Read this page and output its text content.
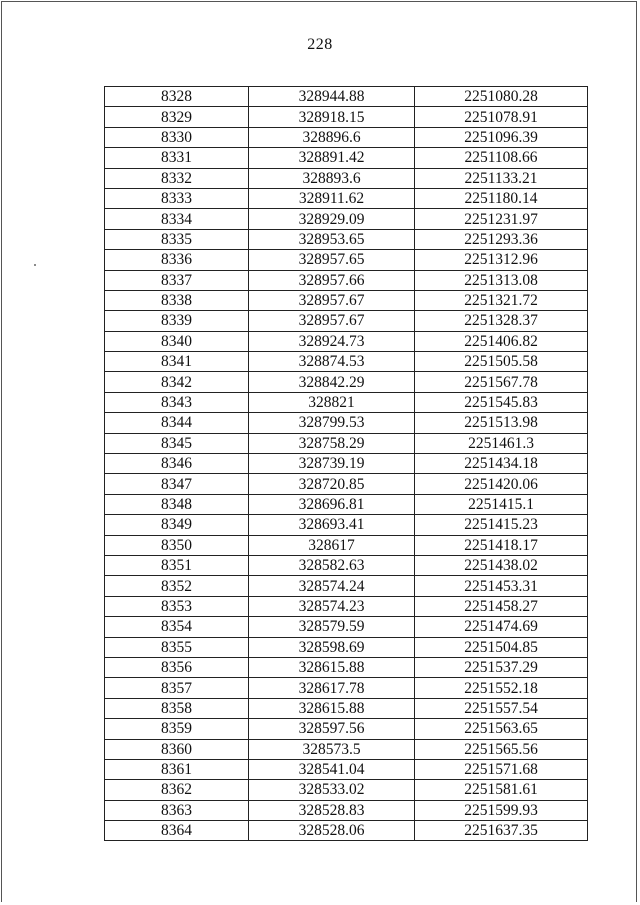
228
8328	328944.88	2251080.28
8329	328918.15	2251078.91
8330	328896.6	2251096.39
8331	328891.42	2251108.66
8332	328893.6	2251133.21
8333	328911.62	2251180.14
8334	328929.09	2251231.97
8335	328953.65	2251293.36
8336	328957.65	2251312.96
8337	328957.66	2251313.08
8338	328957.67	2251321.72
8339	328957.67	2251328.37
8340	328924.73	2251406.82
8341	328874.53	2251505.58
8342	328842.29	2251567.78
8343	328821	2251545.83
8344	328799.53	2251513.98
8345	328758.29	2251461.3
8346	328739.19	2251434.18
8347	328720.85	2251420.06
8348	328696.81	2251415.1
8349	328693.41	2251415.23
8350	328617	2251418.17
8351	328582.63	2251438.02
8352	328574.24	2251453.31
8353	328574.23	2251458.27
8354	328579.59	2251474.69
8355	328598.69	2251504.85
8356	328615.88	2251537.29
8357	328617.78	2251552.18
8358	328615.88	2251557.54
8359	328597.56	2251563.65
8360	328573.5	2251565.56
8361	328541.04	2251571.68
8362	328533.02	2251581.61
8363	328528.83	2251599.93
8364	328528.06	2251637.35
